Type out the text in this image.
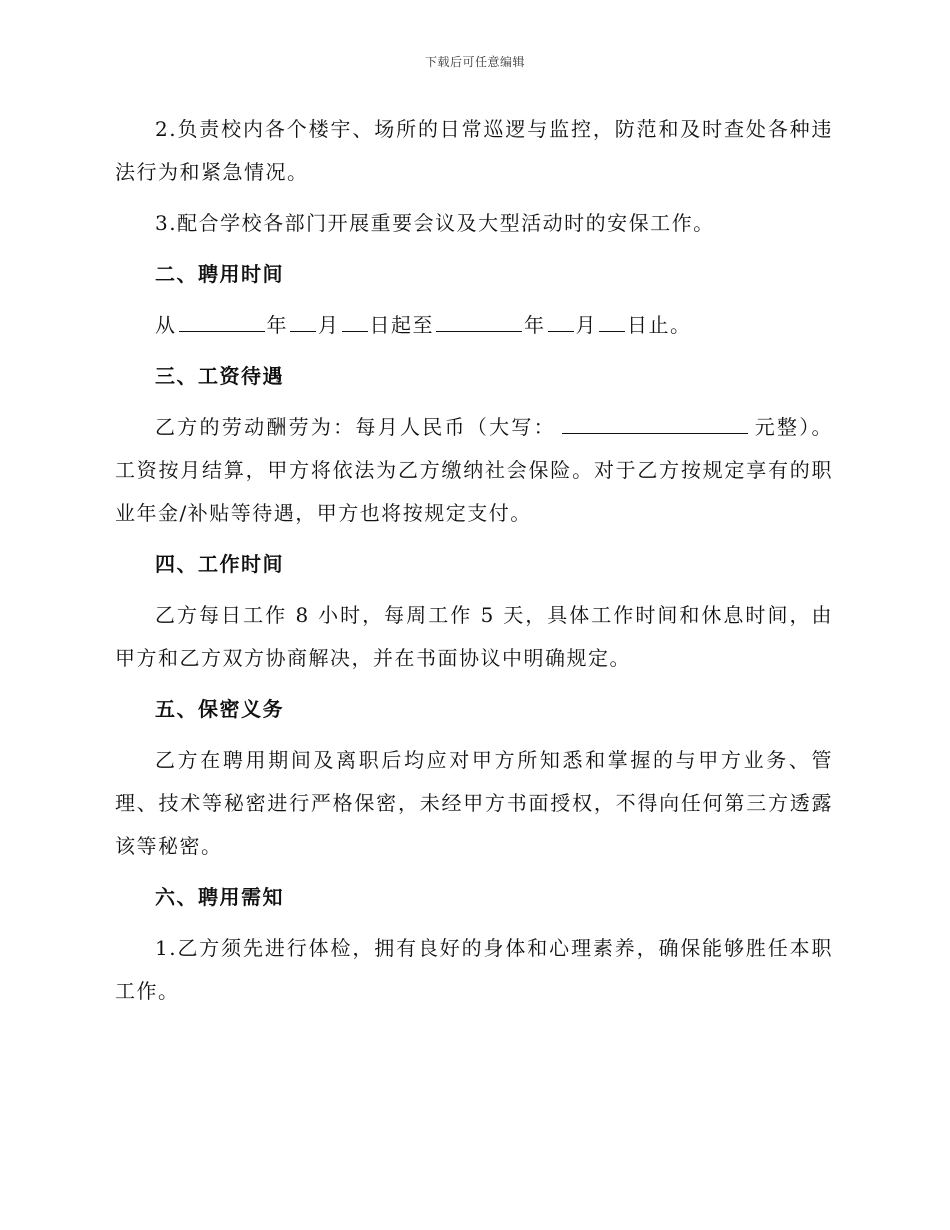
下载后可任意编辑

2.负责校内各个楼宇、场所的日常巡逻与监控，防范和及时查处各种违法行为和紧急情况。

3.配合学校各部门开展重要会议及大型活动时的安保工作。

二、聘用时间

从	年 月 日起至	年 月 日止。

三、工资待遇

乙方的劳动酬劳为：每月人民币（大写：	元整）。工资按月结算，甲方将依法为乙方缴纳社会保险。对于乙方按规定享有的职业年金/补贴等待遇，甲方也将按规定支付。

四、工作时间

乙方每日工作 8 小时，每周工作 5 天，具体工作时间和休息时间，由甲方和乙方双方协商解决，并在书面协议中明确规定。

五、保密义务

乙方在聘用期间及离职后均应对甲方所知悉和掌握的与甲方业务、管理、技术等秘密进行严格保密，未经甲方书面授权，不得向任何第三方透露该等秘密。

六、聘用需知

1.乙方须先进行体检，拥有良好的身体和心理素养，确保能够胜任本职工作。
